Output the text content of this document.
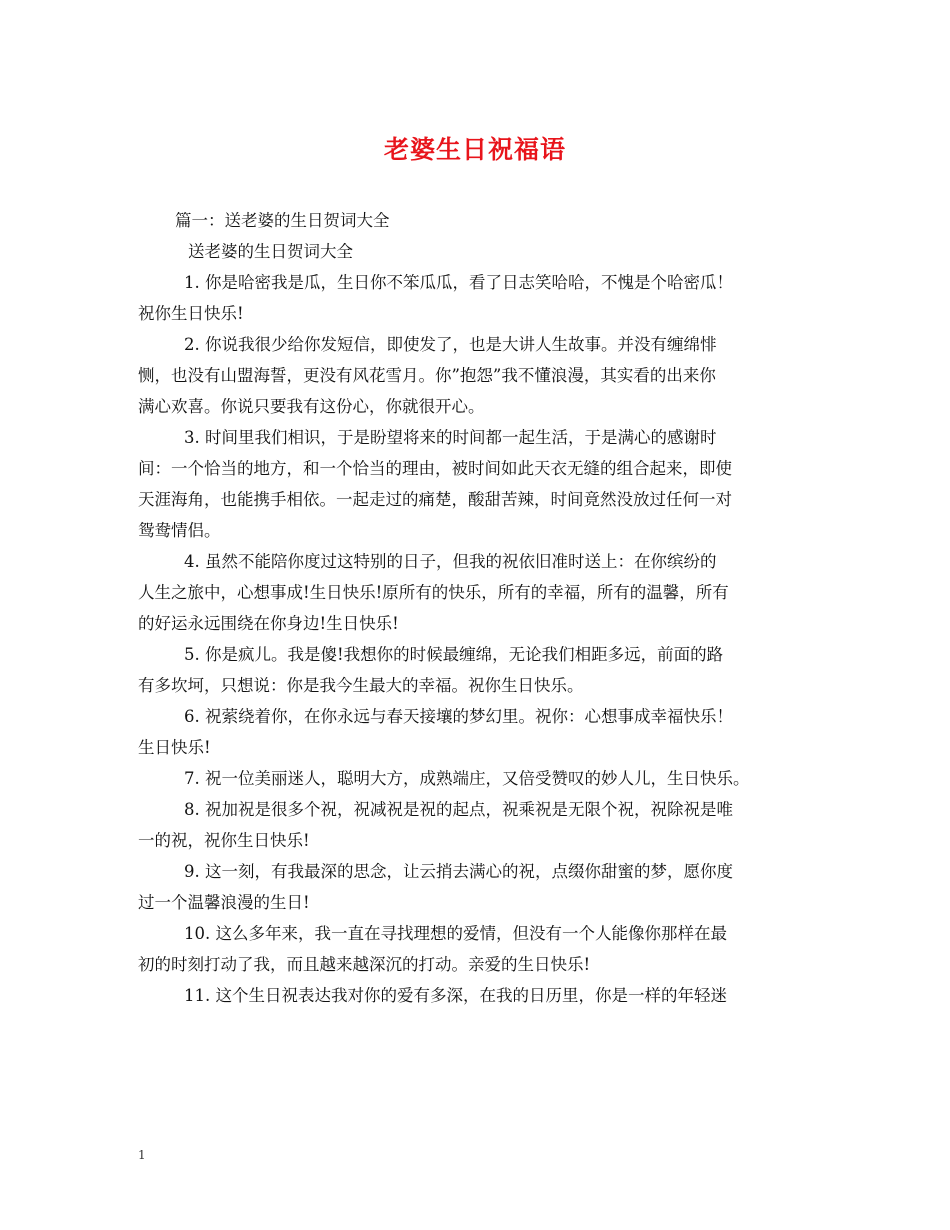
老婆生日祝福语
篇一：送老婆的生日贺词大全
送老婆的生日贺词大全
1. 你是哈密我是瓜，生日你不笨瓜瓜，看了日志笑哈哈，不愧是个哈密瓜！
祝你生日快乐!
2. 你说我很少给你发短信，即使发了，也是大讲人生故事。并没有缠绵悱
恻，也没有山盟海誓，更没有风花雪月。你”抱怨”我不懂浪漫，其实看的出来你
满心欢喜。你说只要我有这份心，你就很开心。
3. 时间里我们相识，于是盼望将来的时间都一起生活，于是满心的感谢时
间：一个恰当的地方，和一个恰当的理由，被时间如此天衣无缝的组合起来，即使
天涯海角，也能携手相依。一起走过的痛楚，酸甜苦辣，时间竟然没放过任何一对
鸳鸯情侣。
4. 虽然不能陪你度过这特别的日子，但我的祝依旧准时送上：在你缤纷的
人生之旅中，心想事成!生日快乐!原所有的快乐，所有的幸福，所有的温馨，所有
的好运永远围绕在你身边!生日快乐!
5. 你是疯儿。我是傻!我想你的时候最缠绵，无论我们相距多远，前面的路
有多坎坷，只想说：你是我今生最大的幸福。祝你生日快乐。
6. 祝萦绕着你，在你永远与春天接壤的梦幻里。祝你：心想事成幸福快乐！
生日快乐!
7. 祝一位美丽迷人，聪明大方，成熟端庄，又倍受赞叹的妙人儿，生日快乐。
8. 祝加祝是很多个祝，祝减祝是祝的起点，祝乘祝是无限个祝，祝除祝是唯
一的祝，祝你生日快乐!
9. 这一刻，有我最深的思念，让云捎去满心的祝，点缀你甜蜜的梦，愿你度
过一个温馨浪漫的生日!
10. 这么多年来，我一直在寻找理想的爱情，但没有一个人能像你那样在最
初的时刻打动了我，而且越来越深沉的打动。亲爱的生日快乐!
11. 这个生日祝表达我对你的爱有多深，在我的日历里，你是一样的年轻迷
1
